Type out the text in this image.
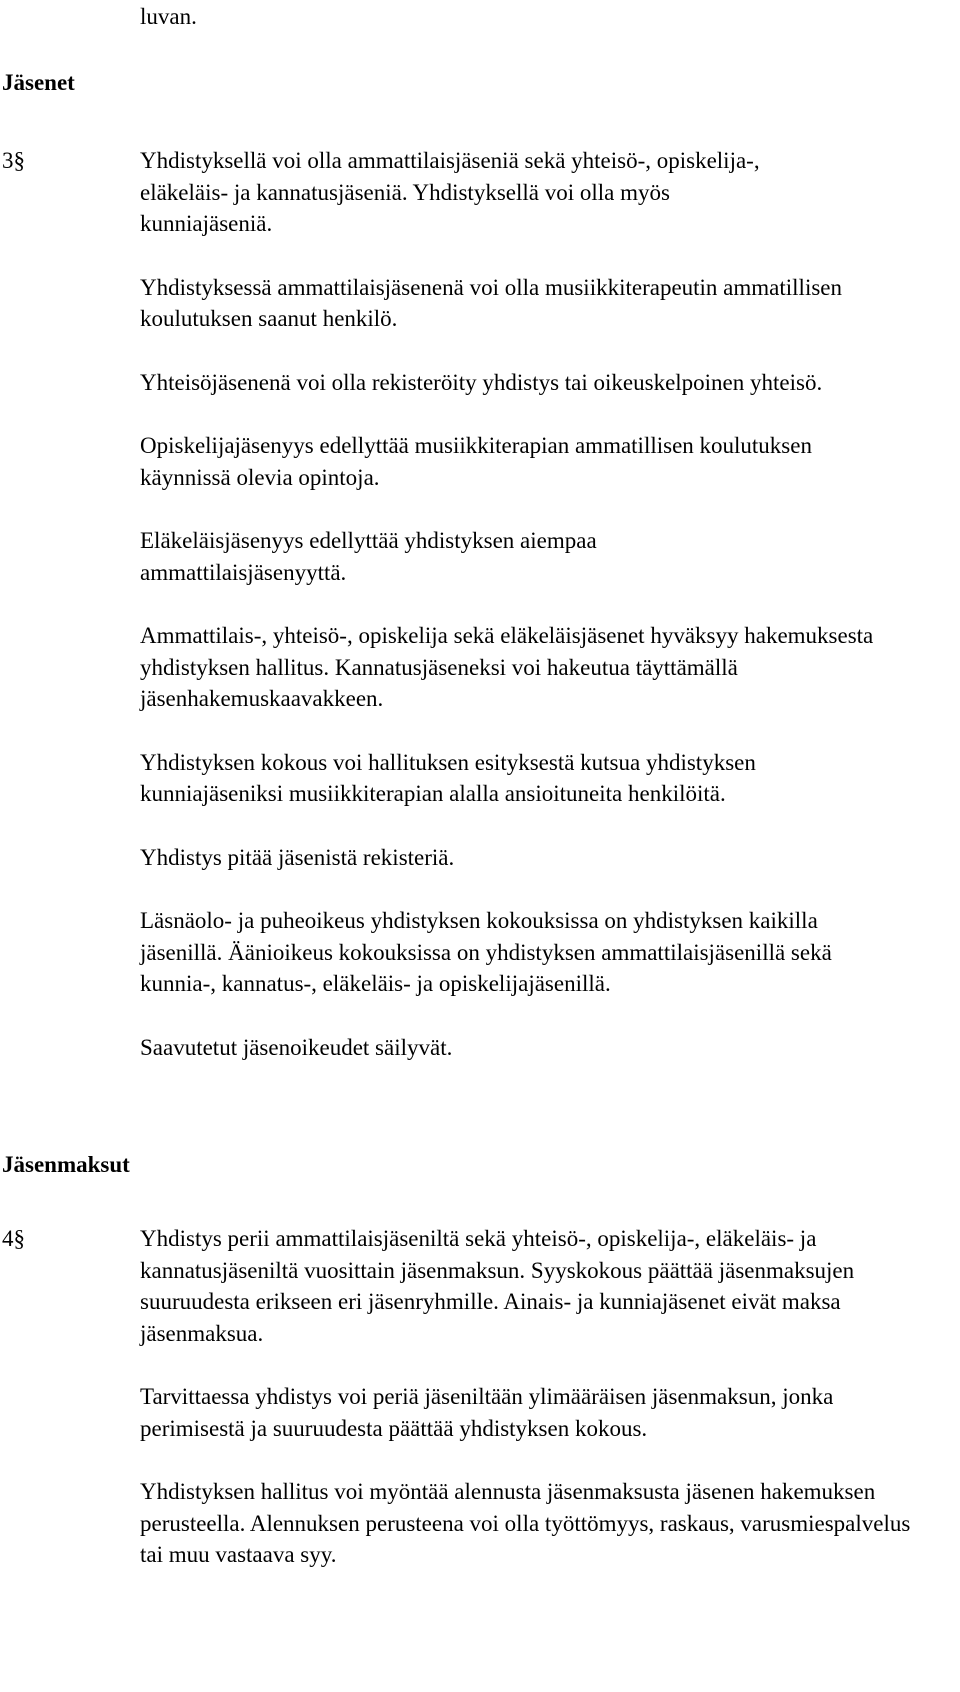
luvan.

Jäsenet

3§	Yhdistyksellä voi olla ammattilaisjäseniä sekä yhteisö-, opiskelija-, eläkeläis- ja kannatusjäseniä. Yhdistyksellä voi olla myös kunniajäseniä.

Yhdistyksessä ammattilaisjäsenenä voi olla musiikkiterapeutin ammatillisen koulutuksen saanut henkilö.

Yhteisöjäsenenä voi olla rekisteröity yhdistys tai oikeuskelpoinen yhteisö.

Opiskelijajäsenyys edellyttää musiikkiterapian ammatillisen koulutuksen käynnissä olevia opintoja.

Eläkeläisjäsenyys edellyttää yhdistyksen aiempaa ammattilaisjäsenyyttä.

Ammattilais-, yhteisö-, opiskelija sekä eläkeläisjäsenet hyväksyy hakemuksesta yhdistyksen hallitus. Kannatusjäseneksi voi hakeutua täyttämällä jäsenhakemuskaavakkeen.

Yhdistyksen kokous voi hallituksen esityksestä kutsua yhdistyksen kunniajäseniksi musiikkiterapian alalla ansioituneita henkilöitä.

Yhdistys pitää jäsenistä rekisteriä.

Läsnäolo- ja puheoikeus yhdistyksen kokouksissa on yhdistyksen kaikilla jäsenillä. Äänioikeus kokouksissa on yhdistyksen ammattilaisjäsenillä sekä kunnia-, kannatus-, eläkeläis- ja opiskelijajäsenillä.

Saavutetut jäsenoikeudet säilyvät.

Jäsenmaksut

4§	Yhdistys perii ammattilaisjäseniltä sekä yhteisö-, opiskelija-, eläkeläis- ja kannatusjäseniltä vuosittain jäsenmaksun. Syyskokous päättää jäsenmaksujen suuruudesta erikseen eri jäsenryhmille. Ainais- ja kunniajäsenet eivät maksa jäsenmaksua.

Tarvittaessa yhdistys voi periä jäseniltään ylimääräisen jäsenmaksun, jonka perimisestä ja suuruudesta päättää yhdistyksen kokous.

Yhdistyksen hallitus voi myöntää alennusta jäsenmaksusta jäsenen hakemuksen perusteella. Alennuksen perusteena voi olla työttömyys, raskaus, varusmiespalvelus tai muu vastaava syy.
